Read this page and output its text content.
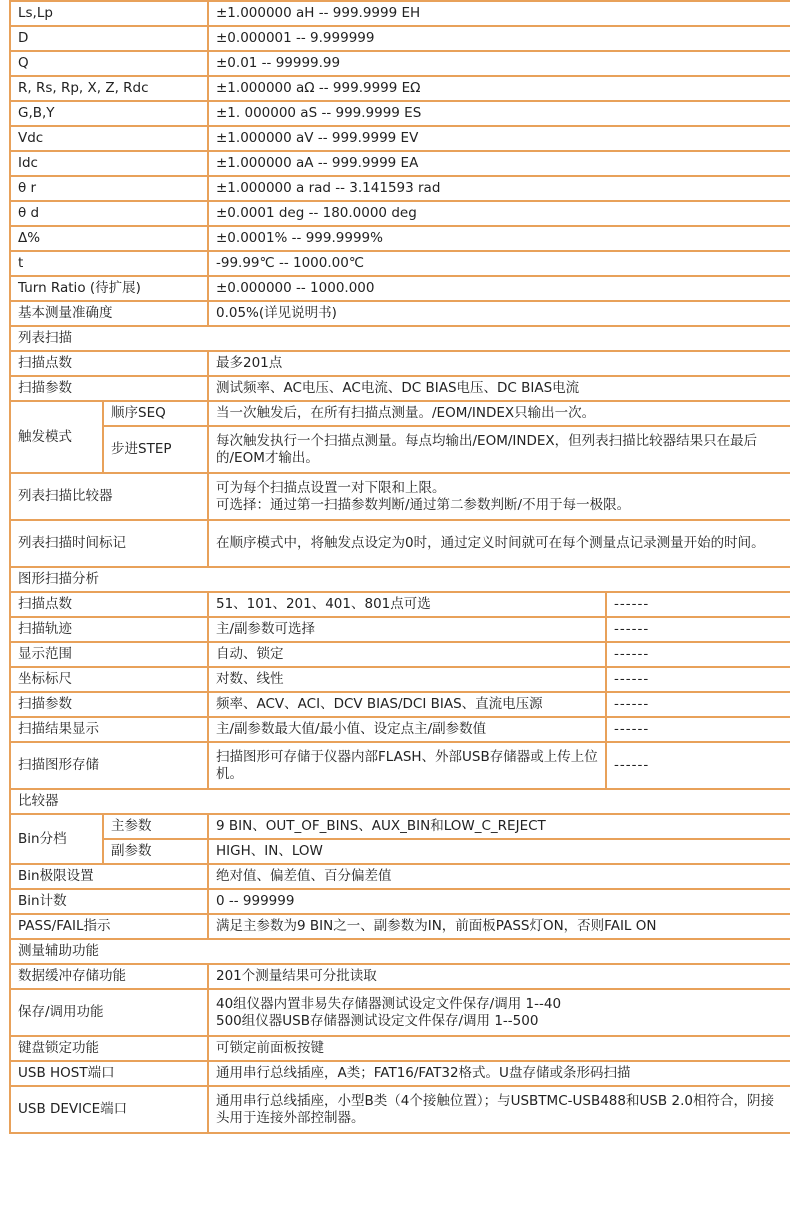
Ls,Lp		±1.000000 aH -- 999.9999 EH	
D		±0.000001 -- 9.999999	
Q		±0.01 -- 99999.99	
R, Rs, Rp, X, Z, Rdc		±1.000000 aΩ -- 999.9999 EΩ	
G,B,Y		±1. 000000 aS -- 999.9999 ES	
Vdc		±1.000000 aV -- 999.9999 EV	
Idc		±1.000000 aA -- 999.9999 EA	
θ r		±1.000000 a rad -- 3.141593 rad	
θ d		±0.0001 deg -- 180.0000 deg	
Δ%		±0.0001% -- 999.9999%	
t		-99.99℃ -- 1000.00℃	
Turn Ratio (待扩展)		±0.000000 -- 1000.000	
基本测量准确度		0.05%(详见说明书)	
列表扫描			
扫描点数		最多201点	
扫描参数		测试频率、AC电压、AC电流、DC BIAS电压、DC BIAS电流	
触发模式	顺序SEQ	当一次触发后，在所有扫描点测量。/EOM/INDEX只输出一次。	
	步进STEP	每次触发执行一个扫描点测量。每点均输出/EOM/INDEX，但列表扫描比较器结果只在最后的/EOM才输出。	
列表扫描比较器		可为每个扫描点设置一对下限和上限。
可选择：通过第一扫描参数判断/通过第二参数判断/不用于每一极限。	

列表扫描时间标记		在顺序模式中，将触发点设定为0时，通过定义时间就可在每个测量点记录测量开始的时间。	
图形扫描分析			
扫描点数		51、101、201、401、801点可选	------
扫描轨迹		主/副参数可选择	------
显示范围		自动、锁定	------
坐标标尺		对数、线性	------
扫描参数		频率、ACV、ACI、DCV BIAS/DCI BIAS、直流电压源	------
扫描结果显示		主/副参数最大值/最小值、设定点主/副参数值	------
扫描图形存储		扫描图形可存储于仪器内部FLASH、外部USB存储器或上传上位机。	------
比较器			
Bin分档	主参数	9 BIN、OUT_OF_BINS、AUX_BIN和LOW_C_REJECT	
	副参数	HIGH、IN、LOW	
Bin极限设置		绝对值、偏差值、百分偏差值	
Bin计数		0 -- 999999	
PASS/FAIL指示		满足主参数为9 BIN之一、副参数为IN，前面板PASS灯ON，否则FAIL ON	
测量辅助功能			
数据缓冲存储功能		201个测量结果可分批读取	
保存/调用功能		40组仪器内置非易失存储器测试设定文件保存/调用 1--40
500组仪器USB存储器测试设定文件保存/调用 1--500	

键盘锁定功能		可锁定前面板按键	
USB HOST端口		通用串行总线插座，A类；FAT16/FAT32格式。U盘存储或条形码扫描	
USB DEVICE端口		通用串行总线插座，小型B类（4个接触位置）；与USBTMC-USB488和USB 2.0相符合，阴接头用于连接外部控制器。	
